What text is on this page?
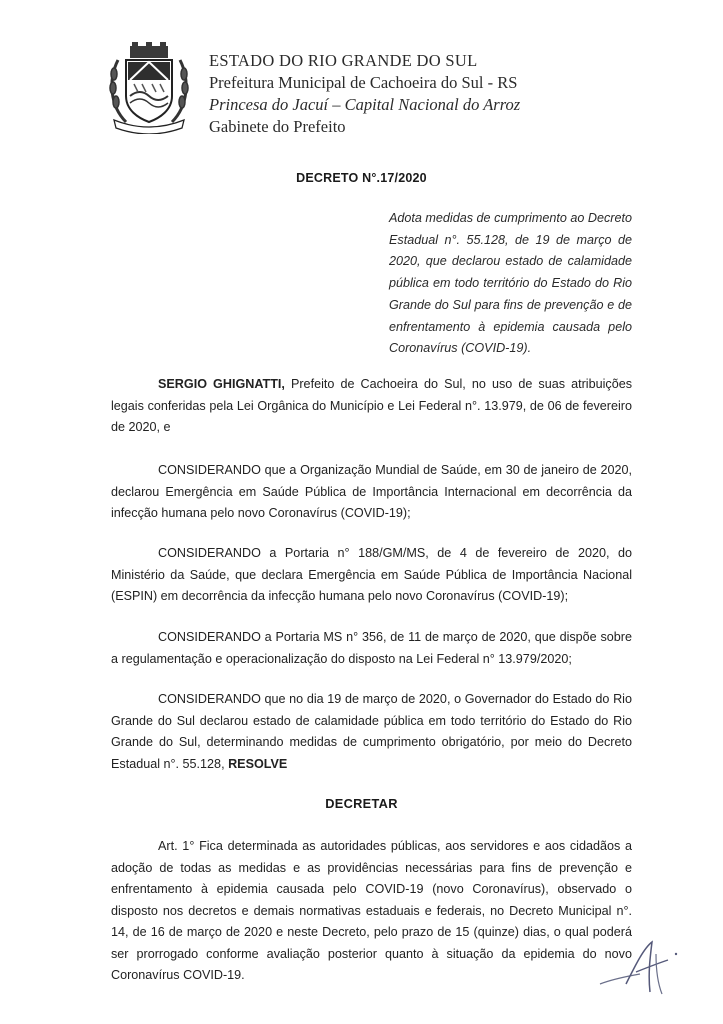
ESTADO DO RIO GRANDE DO SUL
Prefeitura Municipal de Cachoeira do Sul - RS
Princesa do Jacuí – Capital Nacional do Arroz
Gabinete do Prefeito
DECRETO N°.17/2020
Adota medidas de cumprimento ao Decreto Estadual n°. 55.128, de 19 de março de 2020, que declarou estado de calamidade pública em todo território do Estado do Rio Grande do Sul para fins de prevenção e de enfrentamento à epidemia causada pelo Coronavírus (COVID-19).
SERGIO GHIGNATTI, Prefeito de Cachoeira do Sul, no uso de suas atribuições legais conferidas pela Lei Orgânica do Município e Lei Federal n°. 13.979, de 06 de fevereiro de 2020, e
CONSIDERANDO que a Organização Mundial de Saúde, em 30 de janeiro de 2020, declarou Emergência em Saúde Pública de Importância Internacional em decorrência da infecção humana pelo novo Coronavírus (COVID-19);
CONSIDERANDO a Portaria n° 188/GM/MS, de 4 de fevereiro de 2020, do Ministério da Saúde, que declara Emergência em Saúde Pública de Importância Nacional (ESPIN) em decorrência da infecção humana pelo novo Coronavírus (COVID-19);
CONSIDERANDO a Portaria MS n° 356, de 11 de março de 2020, que dispõe sobre a regulamentação e operacionalização do disposto na Lei Federal n° 13.979/2020;
CONSIDERANDO que no dia 19 de março de 2020, o Governador do Estado do Rio Grande do Sul declarou estado de calamidade pública em todo território do Estado do Rio Grande do Sul, determinando medidas de cumprimento obrigatório, por meio do Decreto Estadual n°. 55.128, RESOLVE
DECRETAR
Art. 1° Fica determinada as autoridades públicas, aos servidores e aos cidadãos a adoção de todas as medidas e as providências necessárias para fins de prevenção e enfrentamento à epidemia causada pelo COVID-19 (novo Coronavírus), observado o disposto nos decretos e demais normativas estaduais e federais, no Decreto Municipal n°. 14, de 16 de março de 2020 e neste Decreto, pelo prazo de 15 (quinze) dias, o qual poderá ser prorrogado conforme avaliação posterior quanto à situação da epidemia do novo Coronavírus COVID-19.
